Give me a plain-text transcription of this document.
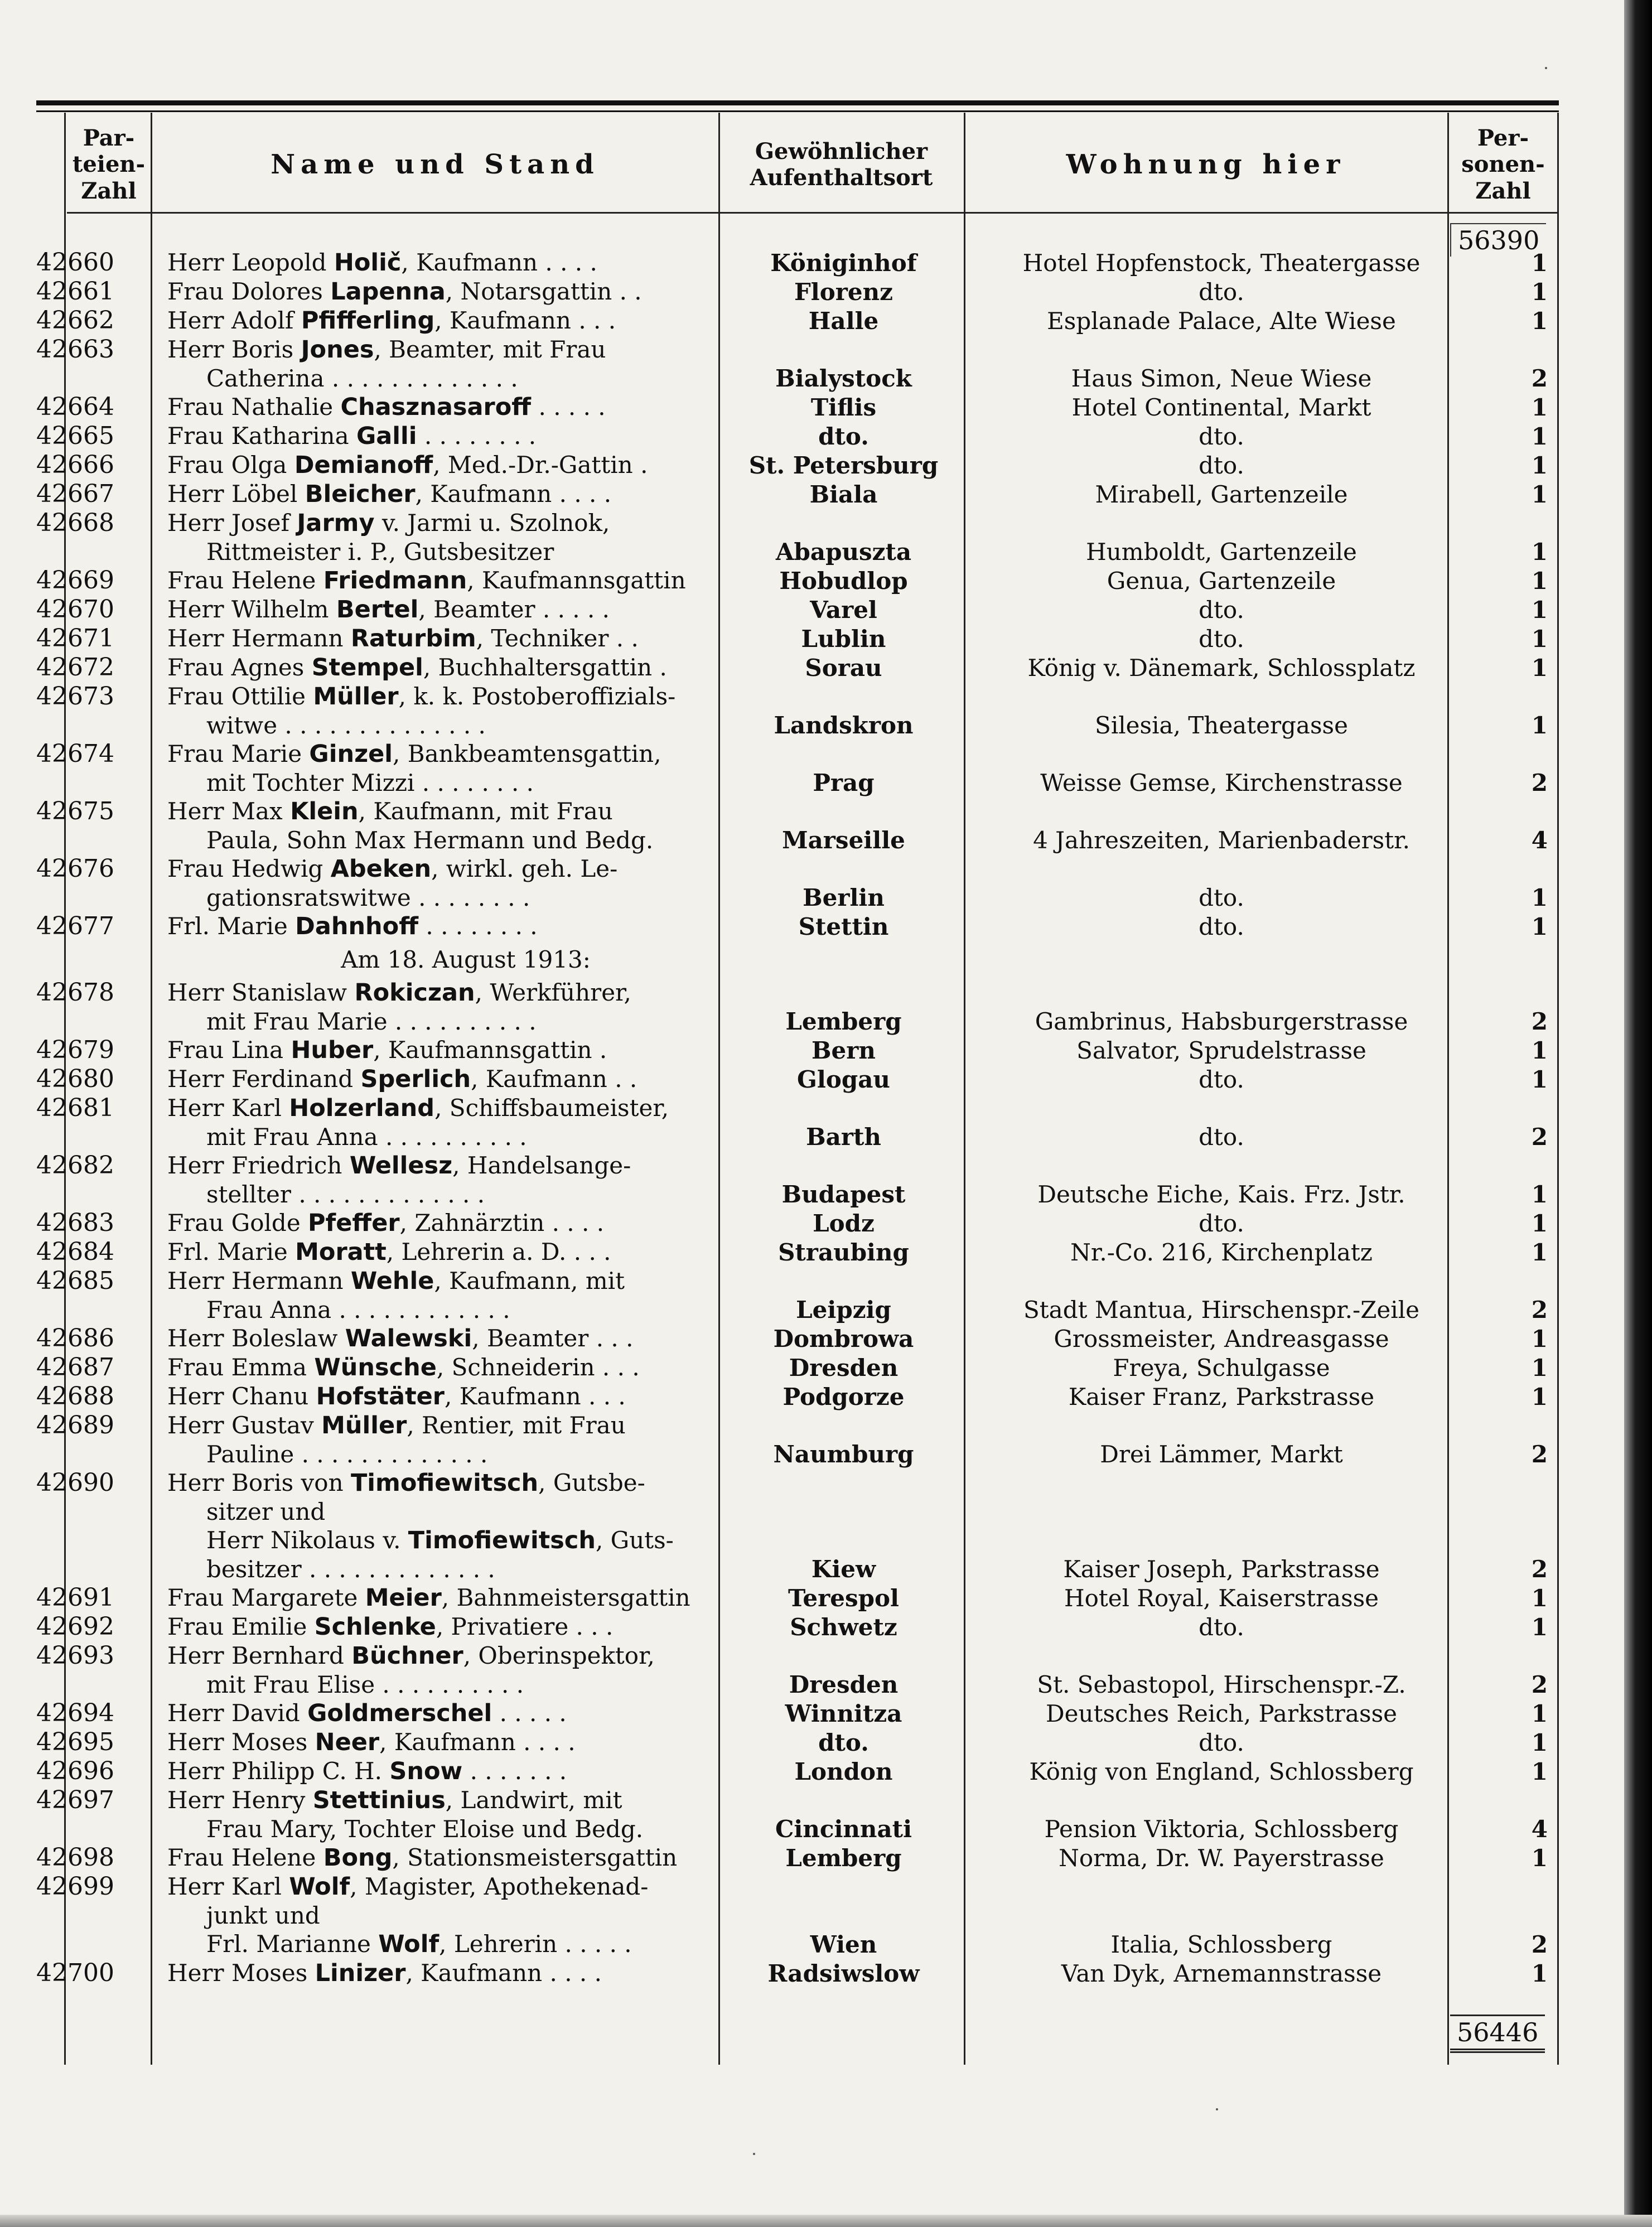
Par-
teien-
Zahl
Name und Stand	Gewöhnlicher
Aufenthaltsort	Wohnung hier
Per-
sonen-
Zahl
56390
42660	Herr Leopold Holič, Kaufmann . . . .	Königinhof	Hotel Hopfenstock, Theatergasse	1
42661	Frau Dolores Lapenna, Notarsgattin . .	Florenz	dto.	1
42662	Herr Adolf Pfifferling, Kaufmann . . .	Halle	Esplanade Palace, Alte Wiese	1
42663	Herr Boris Jones, Beamter, mit Frau
Catherina . . . . . . . . . . . . .	Bialystock	Haus Simon, Neue Wiese	2
42664	Frau Nathalie Chasznasaroff . . . . .	Tiflis	Hotel Continental, Markt	1
42665	Frau Katharina Galli . . . . . . . .	dto.	dto.	1
42666	Frau Olga Demianoff, Med.-Dr.-Gattin .	St. Petersburg	dto.	1
42667	Herr Löbel Bleicher, Kaufmann . . . .	Biala	Mirabell, Gartenzeile	1
42668	Herr Josef Jarmy v. Jarmi u. Szolnok,
Rittmeister i. P., Gutsbesitzer	Abapuszta	Humboldt, Gartenzeile	1
42669	Frau Helene Friedmann, Kaufmannsgattin	Hobudlop	Genua, Gartenzeile	1
42670	Herr Wilhelm Bertel, Beamter . . . . .	Varel	dto.	1
42671	Herr Hermann Raturbim, Techniker . .	Lublin	dto.	1
42672	Frau Agnes Stempel, Buchhaltersgattin .	Sorau	König v. Dänemark, Schlossplatz	1
42673	Frau Ottilie Müller, k. k. Postoberoffizials-
witwe . . . . . . . . . . . . . .	Landskron	Silesia, Theatergasse	1
42674	Frau Marie Ginzel, Bankbeamtensgattin,
mit Tochter Mizzi . . . . . . . .	Prag	Weisse Gemse, Kirchenstrasse	2
42675	Herr Max Klein, Kaufmann, mit Frau
Paula, Sohn Max Hermann und Bedg.	Marseille	4 Jahreszeiten, Marienbaderstr.	4
42676	Frau Hedwig Abeken, wirkl. geh. Le-
gationsratswitwe . . . . . . . .	Berlin	dto.	1
42677	Frl. Marie Dahnhoff . . . . . . . .	Stettin	dto.	1
Am 18. August 1913:
42678	Herr Stanislaw Rokiczan, Werkführer,
mit Frau Marie . . . . . . . . . .	Lemberg	Gambrinus, Habsburgerstrasse	2
42679	Frau Lina Huber, Kaufmannsgattin .	Bern	Salvator, Sprudelstrasse	1
42680	Herr Ferdinand Sperlich, Kaufmann . .	Glogau	dto.	1
42681	Herr Karl Holzerland, Schiffsbaumeister,
mit Frau Anna . . . . . . . . . .	Barth	dto.	2
42682	Herr Friedrich Wellesz, Handelsange-
stellter . . . . . . . . . . . . .	Budapest	Deutsche Eiche, Kais. Frz. Jstr.	1
42683	Frau Golde Pfeffer, Zahnärztin . . . .	Lodz	dto.	1
42684	Frl. Marie Moratt, Lehrerin a. D. . . .	Straubing	Nr.-Co. 216, Kirchenplatz	1
42685	Herr Hermann Wehle, Kaufmann, mit
Frau Anna . . . . . . . . . . . .	Leipzig	Stadt Mantua, Hirschenspr.-Zeile	2
42686	Herr Boleslaw Walewski, Beamter . . .	Dombrowa	Grossmeister, Andreasgasse	1
42687	Frau Emma Wünsche, Schneiderin . . .	Dresden	Freya, Schulgasse	1
42688	Herr Chanu Hofstäter, Kaufmann . . .	Podgorze	Kaiser Franz, Parkstrasse	1
42689	Herr Gustav Müller, Rentier, mit Frau
Pauline . . . . . . . . . . . . .	Naumburg	Drei Lämmer, Markt	2
42690	Herr Boris von Timofiewitsch, Gutsbe-
sitzer und
Herr Nikolaus v. Timofiewitsch, Guts-
besitzer . . . . . . . . . . . . .	Kiew	Kaiser Joseph, Parkstrasse	2
42691	Frau Margarete Meier, Bahnmeistersgattin	Terespol	Hotel Royal, Kaiserstrasse	1
42692	Frau Emilie Schlenke, Privatiere . . .	Schwetz	dto.	1
42693	Herr Bernhard Büchner, Oberinspektor,
mit Frau Elise . . . . . . . . . .	Dresden	St. Sebastopol, Hirschenspr.-Z.	2
42694	Herr David Goldmerschel . . . . .	Winnitza	Deutsches Reich, Parkstrasse	1
42695	Herr Moses Neer, Kaufmann . . . .	dto.	dto.	1
42696	Herr Philipp C. H. Snow . . . . . . .	London	König von England, Schlossberg	1
42697	Herr Henry Stettinius, Landwirt, mit
Frau Mary, Tochter Eloise und Bedg.	Cincinnati	Pension Viktoria, Schlossberg	4
42698	Frau Helene Bong, Stationsmeistersgattin	Lemberg	Norma, Dr. W. Payerstrasse	1
42699	Herr Karl Wolf, Magister, Apothekenad-
junkt und
Frl. Marianne Wolf, Lehrerin . . . . .	Wien	Italia, Schlossberg	2
42700	Herr Moses Linizer, Kaufmann . . . .	Radsiwslow	Van Dyk, Arnemannstrasse	1
56446
